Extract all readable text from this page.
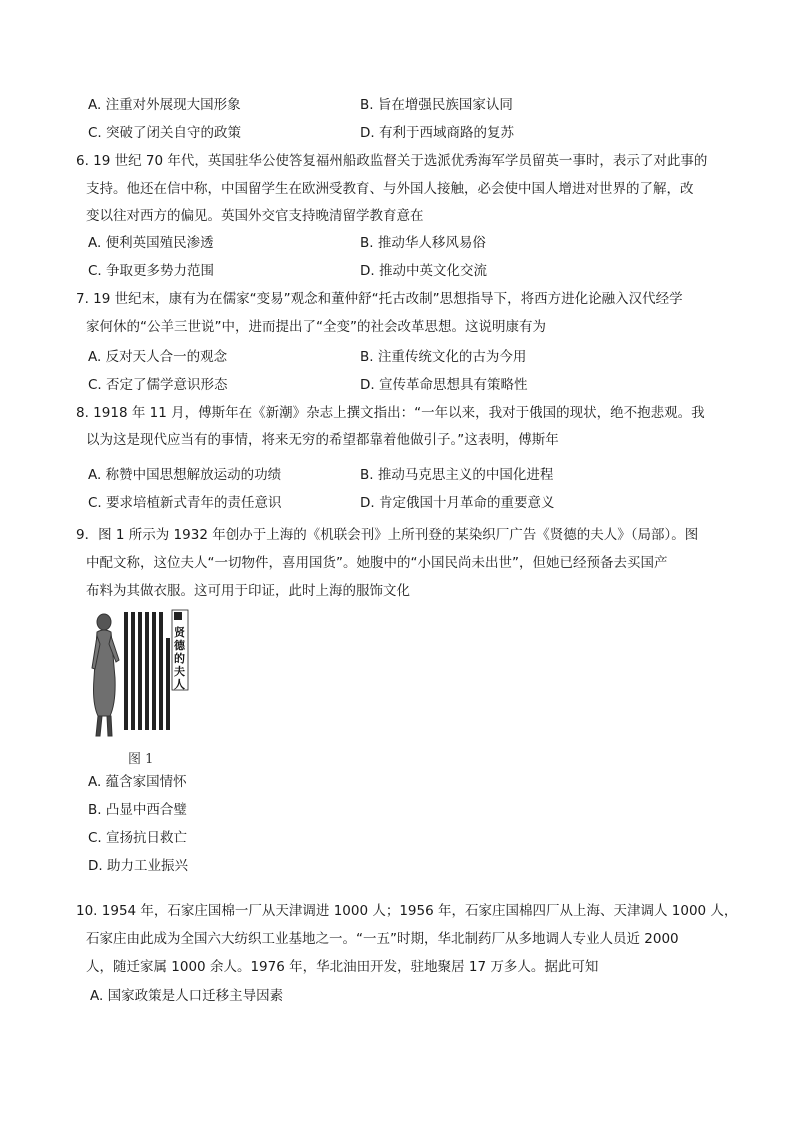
A. 注重对外展现大国形象	B. 旨在增强民族国家认同
C. 突破了闭关自守的政策	D. 有利于西域商路的复苏
6. 19 世纪 70 年代，英国驻华公使答复福州船政监督关于选派优秀海军学员留英一事时，表示了对此事的
支持。他还在信中称，中国留学生在欧洲受教育、与外国人接触，必会使中国人增进对世界的了解，改
变以往对西方的偏见。英国外交官支持晚清留学教育意在
A. 便利英国殖民渗透	B. 推动华人移风易俗
C. 争取更多势力范围	D. 推动中英文化交流
7. 19 世纪末，康有为在儒家“变易”观念和董仲舒“托古改制”思想指导下，将西方进化论融入汉代经学
家何休的“公羊三世说”中，进而提出了“全变”的社会改革思想。这说明康有为
A. 反对天人合一的观念	B. 注重传统文化的古为今用
C. 否定了儒学意识形态	D. 宣传革命思想具有策略性
8. 1918 年 11 月，傅斯年在《新潮》杂志上撰文指出：“一年以来，我对于俄国的现状，绝不抱悲观。我
以为这是现代应当有的事情，将来无穷的希望都靠着他做引子。”这表明，傅斯年
A. 称赞中国思想解放运动的功绩	B. 推动马克思主义的中国化进程
C. 要求培植新式青年的责任意识	D. 肯定俄国十月革命的重要意义
9．图 1 所示为 1932 年创办于上海的《机联会刊》上所刊登的某染织厂广告《贤德的夫人》（局部）。图
中配文称，这位夫人“一切物件，喜用国货”。她腹中的“小国民尚未出世”，但她已经预备去买国产
布料为其做衣服。这可用于印证，此时上海的服饰文化
贤德的夫人
图 1
A. 蕴含家国情怀
B. 凸显中西合璧
C. 宣扬抗日救亡
D. 助力工业振兴
10. 1954 年，石家庄国棉一厂从天津调进 1000 人；1956 年，石家庄国棉四厂从上海、天津调人 1000 人，
石家庄由此成为全国六大纺织工业基地之一。“一五”时期，华北制药厂从多地调人专业人员近 2000
人，随迁家属 1000 余人。1976 年，华北油田开发，驻地聚居 17 万多人。据此可知
A. 国家政策是人口迁移主导因素
